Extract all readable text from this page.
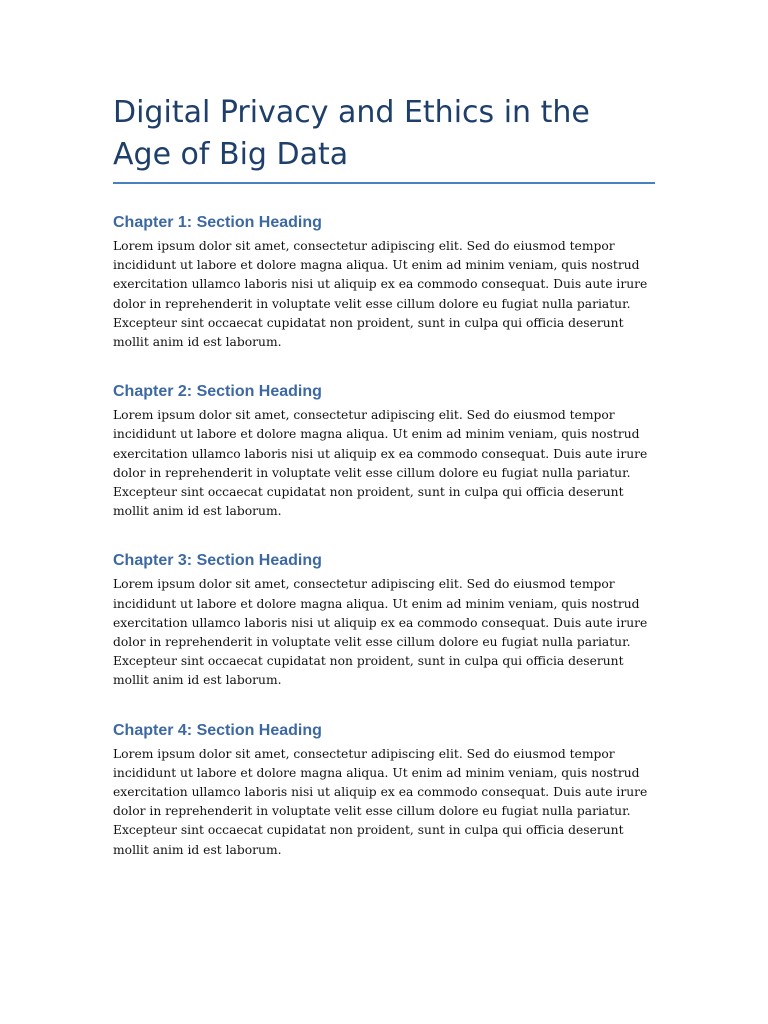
Digital Privacy and Ethics in the Age of Big Data
Chapter 1: Section Heading

Lorem ipsum dolor sit amet, consectetur adipiscing elit. Sed do eiusmod tempor incididunt ut labore et dolore magna aliqua. Ut enim ad minim veniam, quis nostrud exercitation ullamco laboris nisi ut aliquip ex ea commodo consequat. Duis aute irure dolor in reprehenderit in voluptate velit esse cillum dolore eu fugiat nulla pariatur. Excepteur sint occaecat cupidatat non proident, sunt in culpa qui officia deserunt mollit anim id est laborum.

Chapter 2: Section Heading

Lorem ipsum dolor sit amet, consectetur adipiscing elit. Sed do eiusmod tempor incididunt ut labore et dolore magna aliqua. Ut enim ad minim veniam, quis nostrud exercitation ullamco laboris nisi ut aliquip ex ea commodo consequat. Duis aute irure dolor in reprehenderit in voluptate velit esse cillum dolore eu fugiat nulla pariatur. Excepteur sint occaecat cupidatat non proident, sunt in culpa qui officia deserunt mollit anim id est laborum.

Chapter 3: Section Heading

Lorem ipsum dolor sit amet, consectetur adipiscing elit. Sed do eiusmod tempor incididunt ut labore et dolore magna aliqua. Ut enim ad minim veniam, quis nostrud exercitation ullamco laboris nisi ut aliquip ex ea commodo consequat. Duis aute irure dolor in reprehenderit in voluptate velit esse cillum dolore eu fugiat nulla pariatur. Excepteur sint occaecat cupidatat non proident, sunt in culpa qui officia deserunt mollit anim id est laborum.

Chapter 4: Section Heading

Lorem ipsum dolor sit amet, consectetur adipiscing elit. Sed do eiusmod tempor incididunt ut labore et dolore magna aliqua. Ut enim ad minim veniam, quis nostrud exercitation ullamco laboris nisi ut aliquip ex ea commodo consequat. Duis aute irure dolor in reprehenderit in voluptate velit esse cillum dolore eu fugiat nulla pariatur. Excepteur sint occaecat cupidatat non proident, sunt in culpa qui officia deserunt mollit anim id est laborum.
